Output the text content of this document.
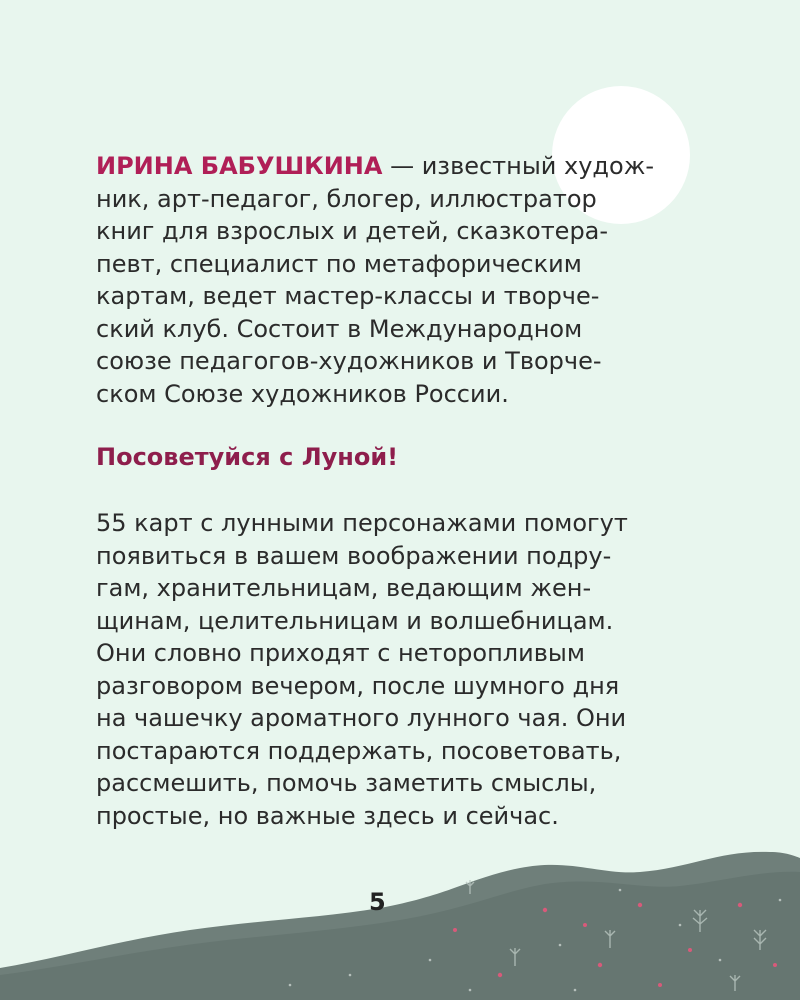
ИРИНА БАБУШКИНА — известный худож-
ник, арт-педагог, блогер, иллюстратор
книг для взрослых и детей, сказкотера-
певт, специалист по метафорическим
картам, ведет мастер-классы и творче-
ский клуб. Состоит в Международном
союзе педагогов-художников и Творче-
ском Союзе художников России.

Посоветуйся с Луной!

55 карт с лунными персонажами помогут
появиться в вашем воображении подру-
гам, хранительницам, ведающим жен-
щинам, целительницам и волшебницам.
Они словно приходят с неторопливым
разговором вечером, после шумного дня
на чашечку ароматного лунного чая. Они
постараются поддержать, посоветовать,
рассмешить, помочь заметить смыслы,
простые, но важные здесь и сейчас.

5
